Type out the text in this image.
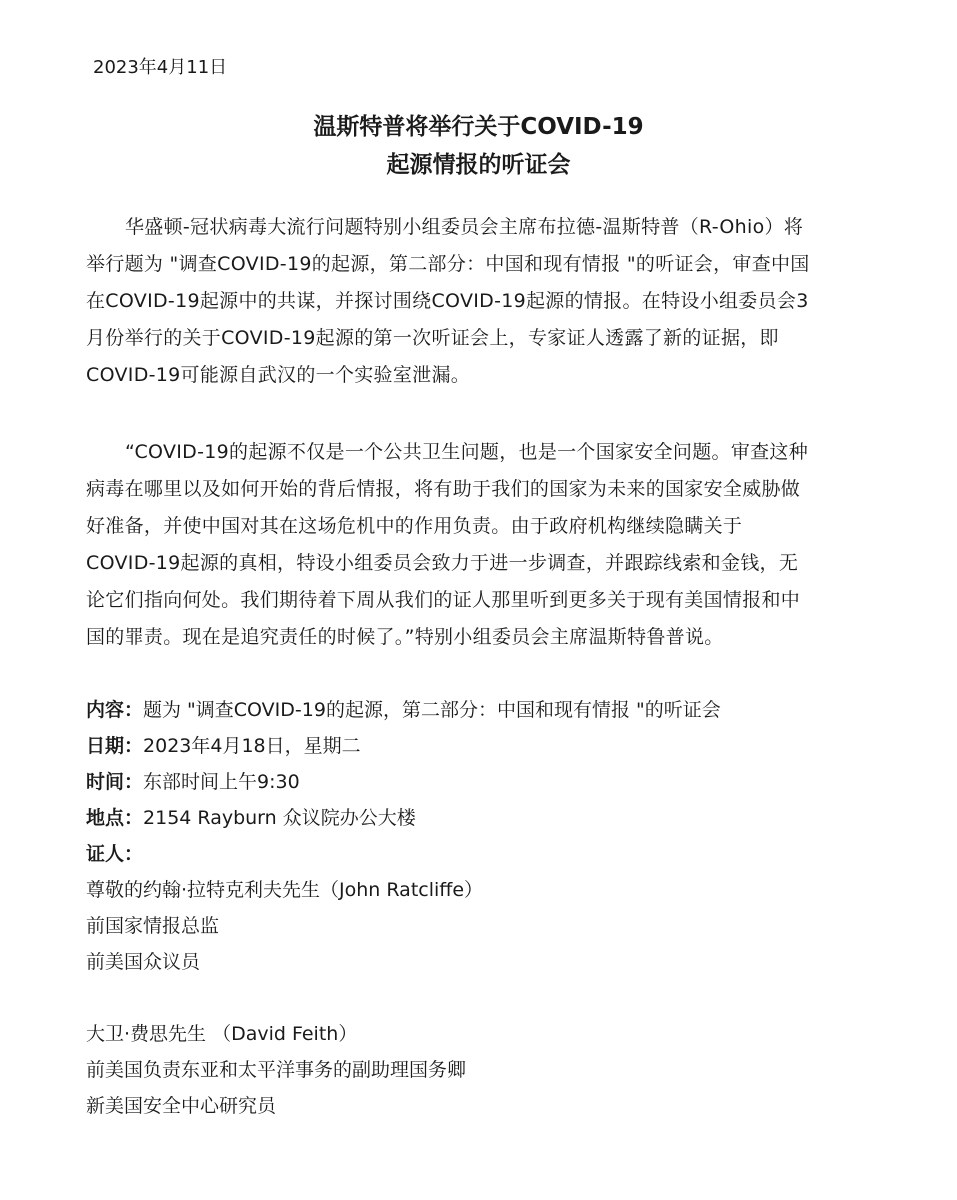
2023年4月11日
温斯特普将举行关于COVID-19
起源情报的听证会
华盛顿-冠状病毒大流行问题特别小组委员会主席布拉德-温斯特普（R-Ohio）将
举行题为 "调查COVID-19的起源，第二部分：中国和现有情报 "的听证会，审查中国
在COVID-19起源中的共谋，并探讨围绕COVID-19起源的情报。在特设小组委员会3
月份举行的关于COVID-19起源的第一次听证会上，专家证人透露了新的证据，即
COVID-19可能源自武汉的一个实验室泄漏。
“COVID-19的起源不仅是一个公共卫生问题，也是一个国家安全问题。审查这种
病毒在哪里以及如何开始的背后情报，将有助于我们的国家为未来的国家安全威胁做
好准备，并使中国对其在这场危机中的作用负责。由于政府机构继续隐瞒关于
COVID-19起源的真相，特设小组委员会致力于进一步调查，并跟踪线索和金钱，无
论它们指向何处。我们期待着下周从我们的证人那里听到更多关于现有美国情报和中
国的罪责。现在是追究责任的时候了。”特别小组委员会主席温斯特鲁普说。
内容：题为 "调查COVID-19的起源，第二部分：中国和现有情报 "的听证会
日期：2023年4月18日，星期二
时间：东部时间上午9:30
地点：2154 Rayburn 众议院办公大楼
证人：
尊敬的约翰·拉特克利夫先生（John Ratcliffe）
前国家情报总监
前美国众议员
大卫·费思先生 （David Feith）
前美国负责东亚和太平洋事务的副助理国务卿
新美国安全中心研究员
